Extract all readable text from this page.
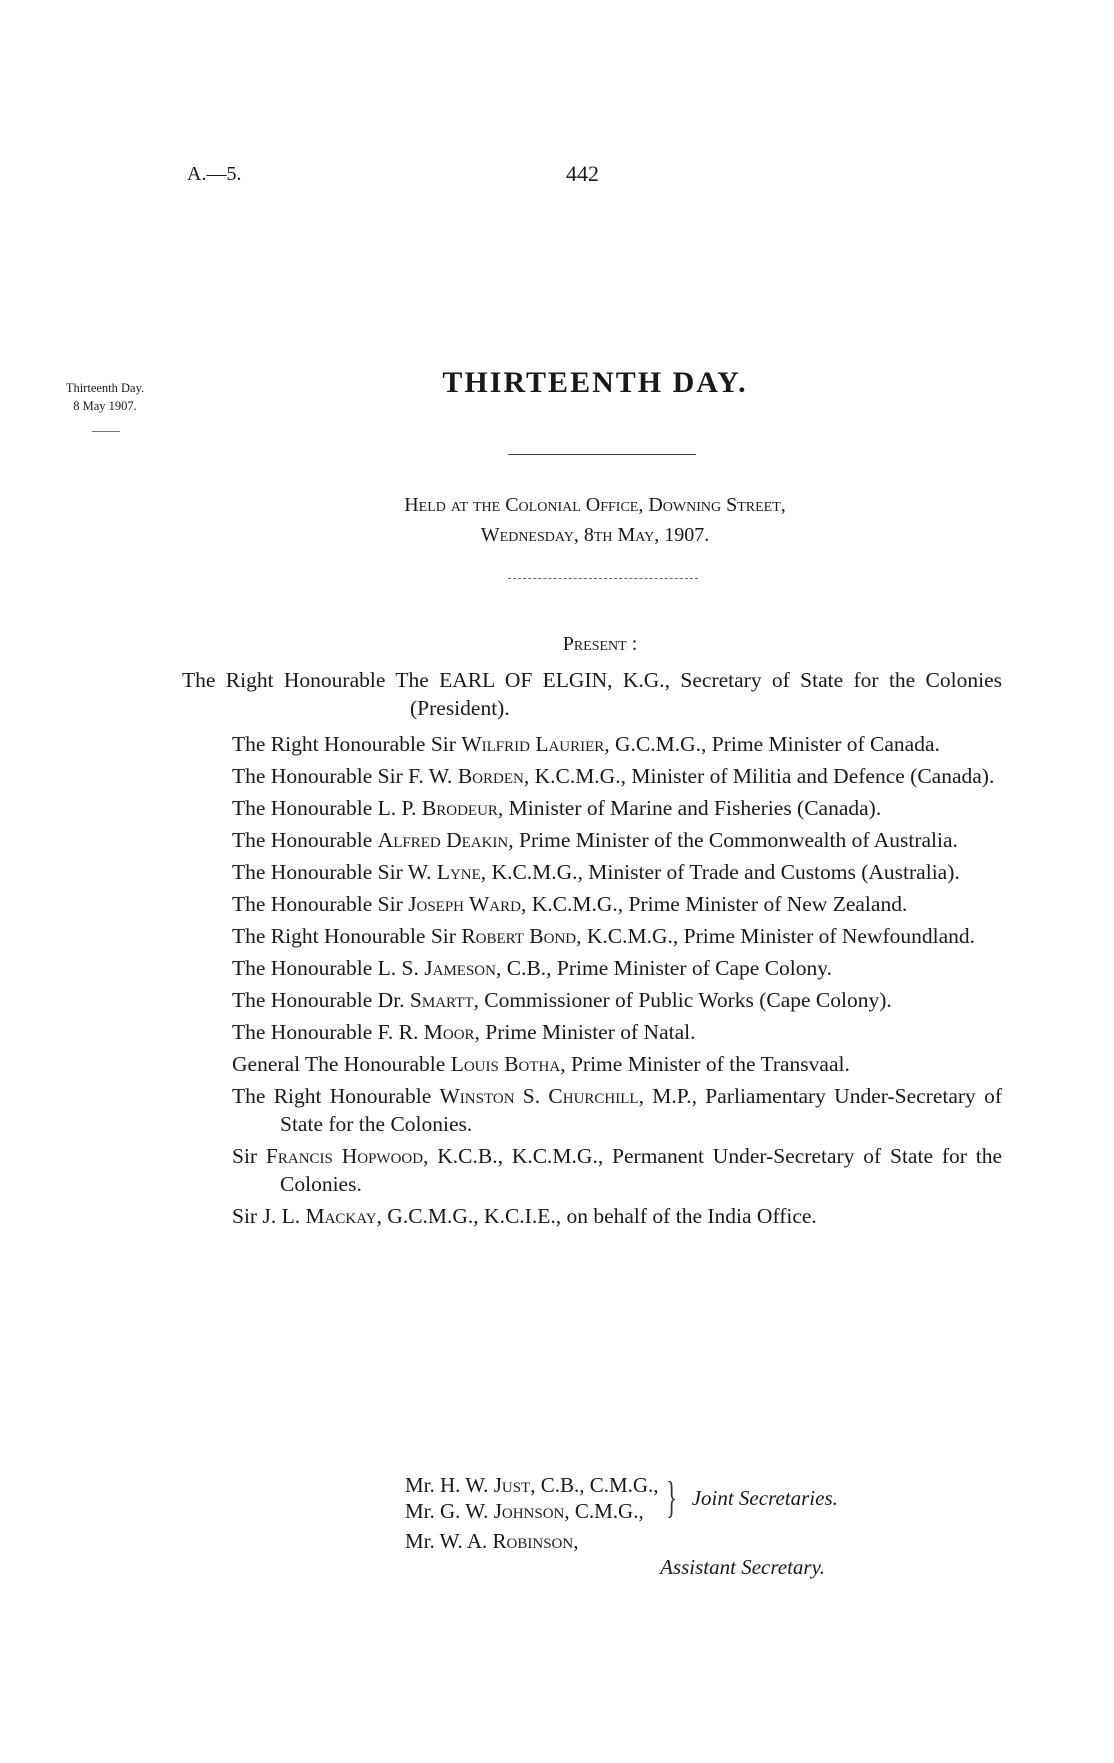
A.—5.	442
Thirteenth Day.
8 May 1907.
THIRTEENTH DAY.
Held at the Colonial Office, Downing Street,
Wednesday, 8th May, 1907.
Present :
The Right Honourable The EARL OF ELGIN, K.G., Secretary of State for the Colonies (President).
The Right Honourable Sir Wilfrid Laurier, G.C.M.G., Prime Minister of Canada.
The Honourable Sir F. W. Borden, K.C.M.G., Minister of Militia and Defence (Canada).
The Honourable L. P. Brodeur, Minister of Marine and Fisheries (Canada).
The Honourable Alfred Deakin, Prime Minister of the Commonwealth of Australia.
The Honourable Sir W. Lyne, K.C.M.G., Minister of Trade and Customs (Australia).
The Honourable Sir Joseph Ward, K.C.M.G., Prime Minister of New Zealand.
The Right Honourable Sir Robert Bond, K.C.M.G., Prime Minister of Newfoundland.
The Honourable L. S. Jameson, C.B., Prime Minister of Cape Colony.
The Honourable Dr. Smartt, Commissioner of Public Works (Cape Colony).
The Honourable F. R. Moor, Prime Minister of Natal.
General The Honourable Louis Botha, Prime Minister of the Transvaal.
The Right Honourable Winston S. Churchill, M.P., Parliamentary Under-Secretary of State for the Colonies.
Sir Francis Hopwood, K.C.B., K.C.M.G., Permanent Under-Secretary of State for the Colonies.
Sir J. L. Mackay, G.C.M.G., K.C.I.E., on behalf of the India Office.
Mr. H. W. Just, C.B., C.M.G.,
Mr. G. W. Johnson, C.M.G., } Joint Secretaries.
Mr. W. A. Robinson,
Assistant Secretary.
